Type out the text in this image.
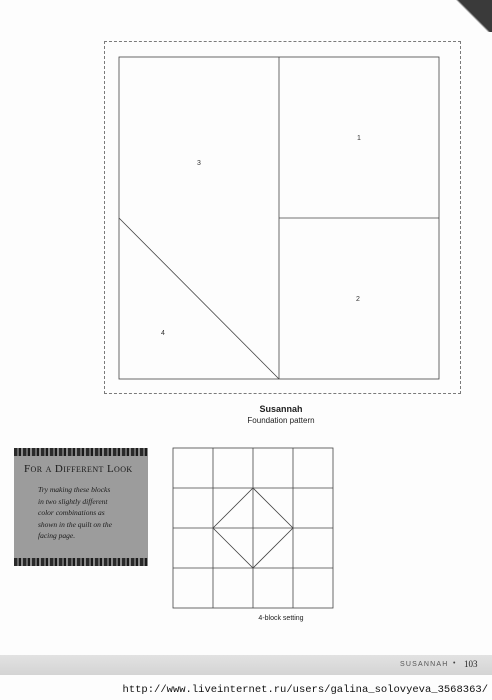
1
2
3
4
Susannah
Foundation pattern
For a Different Look
Try making these blocks
in two slightly different
color combinations as
shown in the quilt on the
facing page.
4-block setting
SUSANNAH • 103
http://www.liveinternet.ru/users/galina_solovyeva_3568363/
